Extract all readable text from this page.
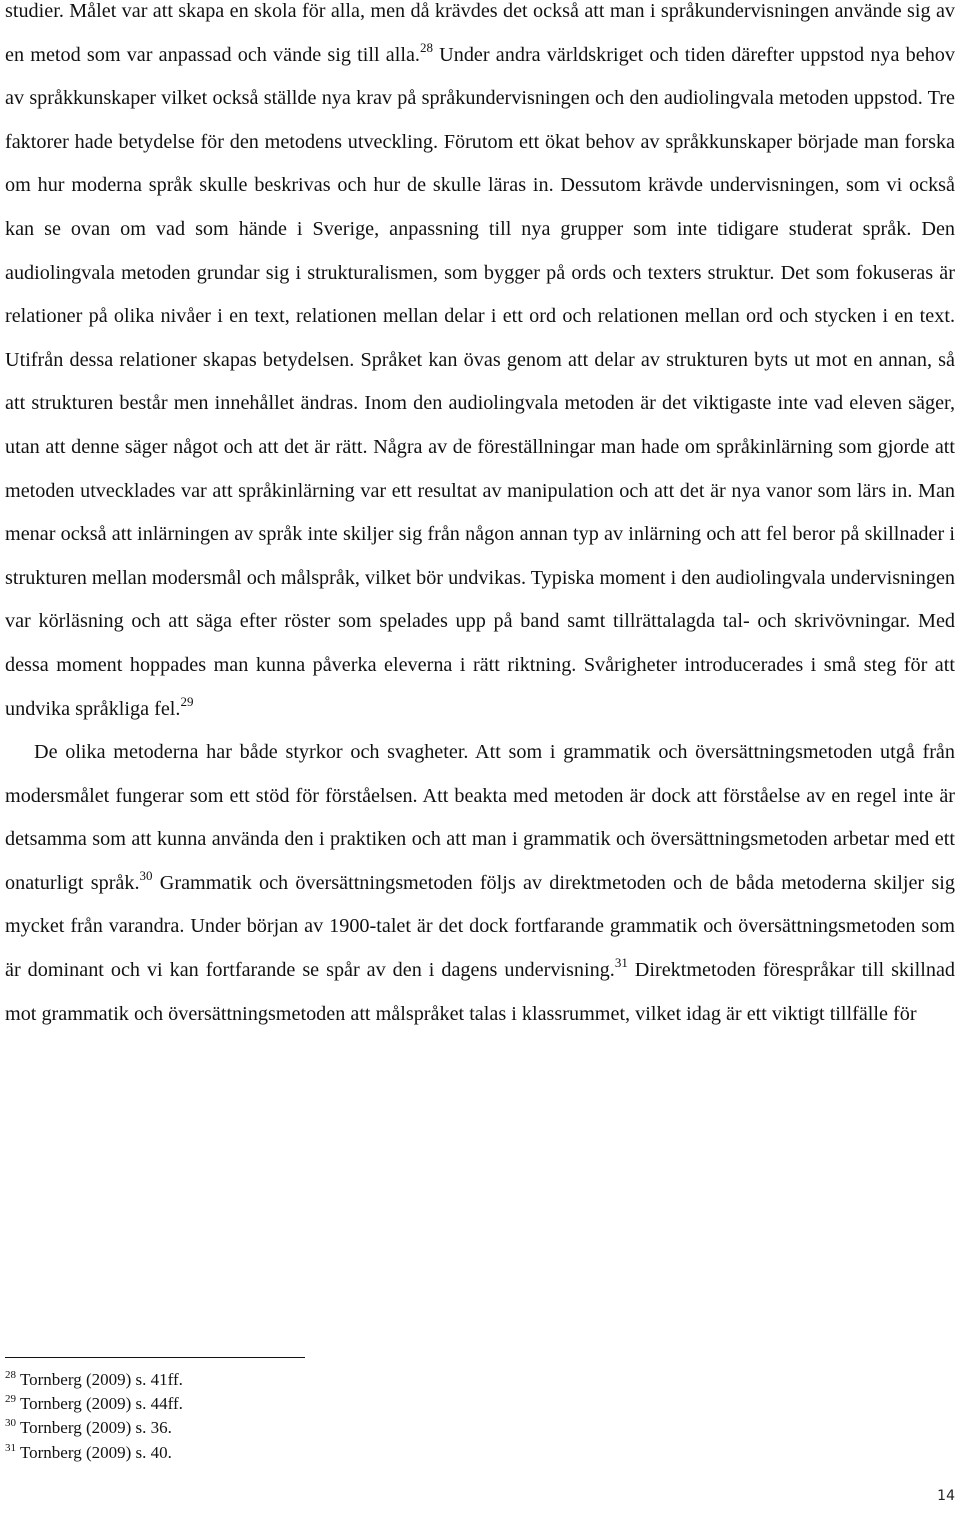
studier. Målet var att skapa en skola för alla, men då krävdes det också att man i språkundervisningen använde sig av en metod som var anpassad och vände sig till alla.$^{28}$ Under andra världskriget och tiden därefter uppstod nya behov av språkkunskaper vilket också ställde nya krav på språkundervisningen och den audiolingvala metoden uppstod. Tre faktorer hade betydelse för den metodens utveckling. Förutom ett ökat behov av språkkunskaper började man forska om hur moderna språk skulle beskrivas och hur de skulle läras in. Dessutom krävde undervisningen, som vi också kan se ovan om vad som hände i Sverige, anpassning till nya grupper som inte tidigare studerat språk. Den audiolingvala metoden grundar sig i strukturalismen, som bygger på ords och texters struktur. Det som fokuseras är relationer på olika nivåer i en text, relationen mellan delar i ett ord och relationen mellan ord och stycken i en text. Utifrån dessa relationer skapas betydelsen. Språket kan övas genom att delar av strukturen byts ut mot en annan, så att strukturen består men innehållet ändras. Inom den audiolingvala metoden är det viktigaste inte vad eleven säger, utan att denne säger något och att det är rätt. Några av de föreställningar man hade om språkinlärning som gjorde att metoden utvecklades var att språkinlärning var ett resultat av manipulation och att det är nya vanor som lärs in. Man menar också att inlärningen av språk inte skiljer sig från någon annan typ av inlärning och att fel beror på skillnader i strukturen mellan modersmål och målspråk, vilket bör undvikas. Typiska moment i den audiolingvala undervisningen var körläsning och att säga efter röster som spelades upp på band samt tillrättalagda tal- och skrivövningar. Med dessa moment hoppades man kunna påverka eleverna i rätt riktning. Svårigheter introducerades i små steg för att undvika språkliga fel.$^{29}$

De olika metoderna har både styrkor och svagheter. Att som i grammatik och översättningsmetoden utgå från modersmålet fungerar som ett stöd för förståelsen. Att beakta med metoden är dock att förståelse av en regel inte är detsamma som att kunna använda den i praktiken och att man i grammatik och översättningsmetoden arbetar med ett onaturligt språk.$^{30}$ Grammatik och översättningsmetoden följs av direktmetoden och de båda metoderna skiljer sig mycket från varandra. Under början av 1900-talet är det dock fortfarande grammatik och översättningsmetoden som är dominant och vi kan fortfarande se spår av den i dagens undervisning.$^{31}$ Direktmetoden förespråkar till skillnad mot grammatik och översättningsmetoden att målspråket talas i klassrummet, vilket idag är ett viktigt tillfälle för

$^{28}$ Tornberg (2009) s. 41ff.

$^{29}$ Tornberg (2009) s. 44ff.

$^{30}$ Tornberg (2009) s. 36.

$^{31}$ Tornberg (2009) s. 40.

14
